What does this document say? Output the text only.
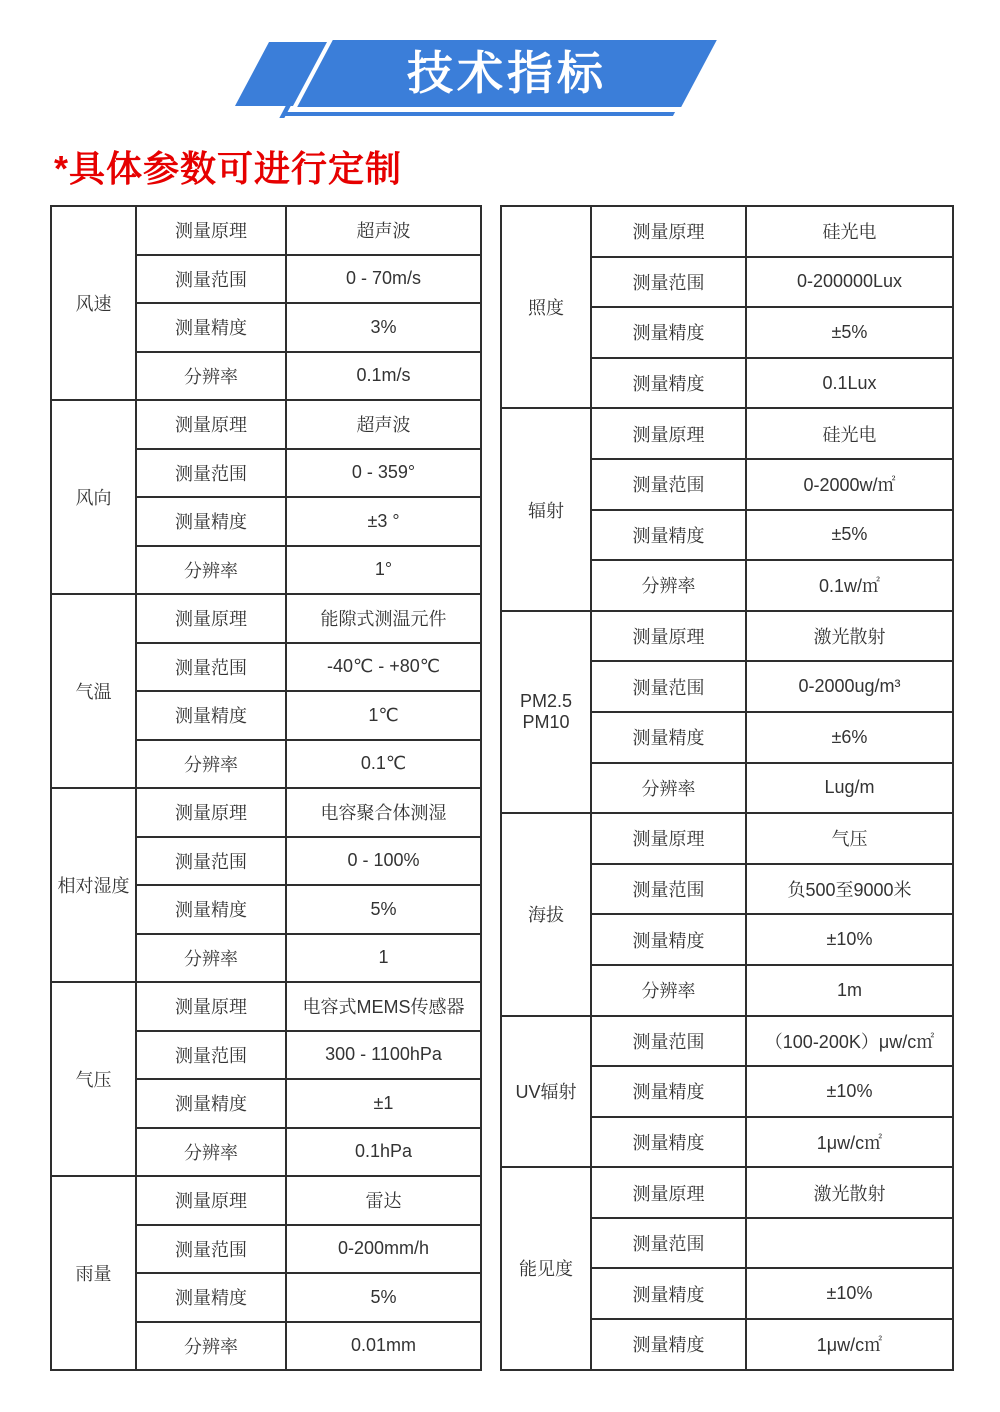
技术指标
*具体参数可进行定制
风速	测量原理	超声波
	测量范围	0 - 70m/s
	测量精度	3%
	分辨率	0.1m/s
风向	测量原理	超声波
	测量范围	0 - 359°
	测量精度	±3 °
	分辨率	1°
气温	测量原理	能隙式测温元件
	测量范围	-40℃ - +80℃
	测量精度	1℃
	分辨率	0.1℃
相对湿度	测量原理	电容聚合体测湿
	测量范围	0 - 100%
	测量精度	5%
	分辨率	1
气压	测量原理	电容式MEMS传感器
	测量范围	300 - 1100hPa
	测量精度	±1
	分辨率	0.1hPa
雨量	测量原理	雷达
	测量范围	0-200mm/h
	测量精度	5%
	分辨率	0.01mm
照度	测量原理	硅光电
	测量范围	0-200000Lux
	测量精度	±5%
	测量精度	0.1Lux
辐射	测量原理	硅光电
	测量范围	0-2000w/㎡
	测量精度	±5%
	分辨率	0.1w/㎡
PM2.5
PM10	测量原理	激光散射
	测量范围	0-2000ug/m³
	测量精度	±6%
	分辨率	Lug/m
海拔	测量原理	气压
	测量范围	负500至9000米
	测量精度	±10%
	分辨率	1m
UV辐射	测量范围	（100-200K）μw/c㎡
	测量精度	±10%
	测量精度	1μw/c㎡
能见度	测量原理	激光散射
	测量范围	
	测量精度	±10%
	测量精度	1μw/c㎡
